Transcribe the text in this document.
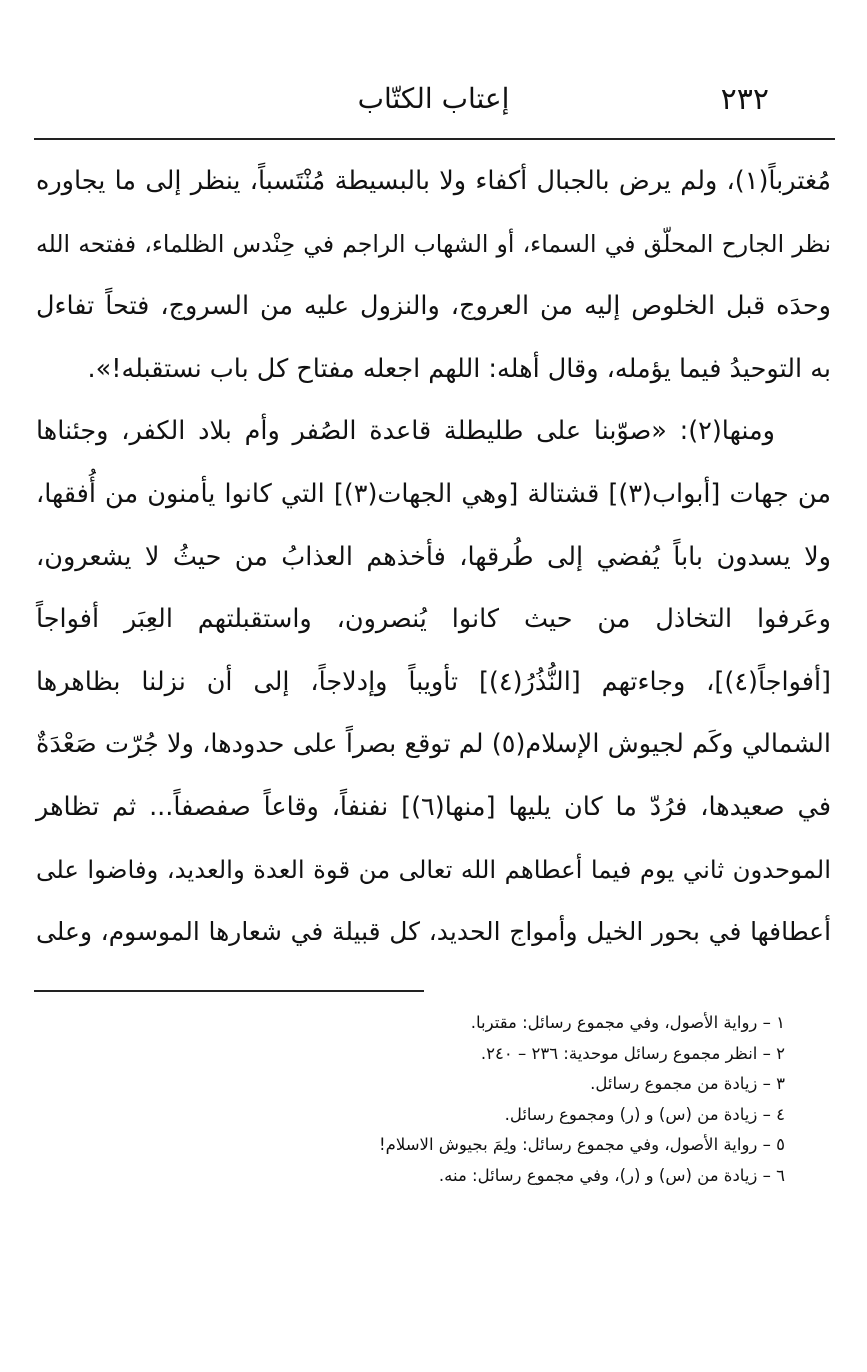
٢٣٢
إعتاب الكتّاب
مُغترباً(١)، ولم يرض بالجبال أكفاء ولا بالبسيطة مُنْتَسباً، ينظر إلى ما يجاوره
نظر الجارح المحلّق في السماء، أو الشهاب الراجم في حِنْدس الظلماء، ففتحه الله
وحدَه قبل الخلوص إليه من العروج، والنزول عليه من السروج، فتحاً تفاءل
به التوحيدُ فيما يؤمله، وقال أهله: اللهم اجعله مفتاح كل باب نستقبله!».
ومنها(٢): «صوّبنا على طليطلة قاعدة الصُفر وأم بلاد الكفر، وجئناها
من جهات [أبواب(٣)] قشتالة [وهي الجهات(٣)] التي كانوا يأمنون من أُفقها،
ولا يسدون باباً يُفضي إلى طُرقها، فأخذهم العذابُ من حيثُ لا يشعرون،
وعَرفوا التخاذل من حيث كانوا يُنصرون، واستقبلتهم العِبَر أفواجاً
[أفواجاً(٤)]، وجاءتهم [النُّذُرُ(٤)] تأويباً وإدلاجاً، إلى أن نزلنا بظاهرها
الشمالي وكَم لجيوش الإسلام(٥) لم توقع بصراً على حدودها، ولا جُرّت صَعْدَةٌ
في صعيدها، فرُدّ ما كان يليها [منها(٦)] نفنفاً، وقاعاً صفصفاً... ثم تظاهر
الموحدون ثاني يوم فيما أعطاهم الله تعالى من قوة العدة والعديد، وفاضوا على
أعطافها في بحور الخيل وأمواج الحديد، كل قبيلة في شعارها الموسوم، وعلى
١ – رواية الأصول، وفي مجموع رسائل: مقتربا.
٢ – انظر مجموع رسائل موحدية: ٢٣٦ – ٢٤٠.
٣ – زيادة من مجموع رسائل.
٤ – زيادة من (س) و (ر) ومجموع رسائل.
٥ – رواية الأصول، وفي مجموع رسائل: ولِمَ بجيوش الاسلام!
٦ – زيادة من (س) و (ر)، وفي مجموع رسائل: منه.
